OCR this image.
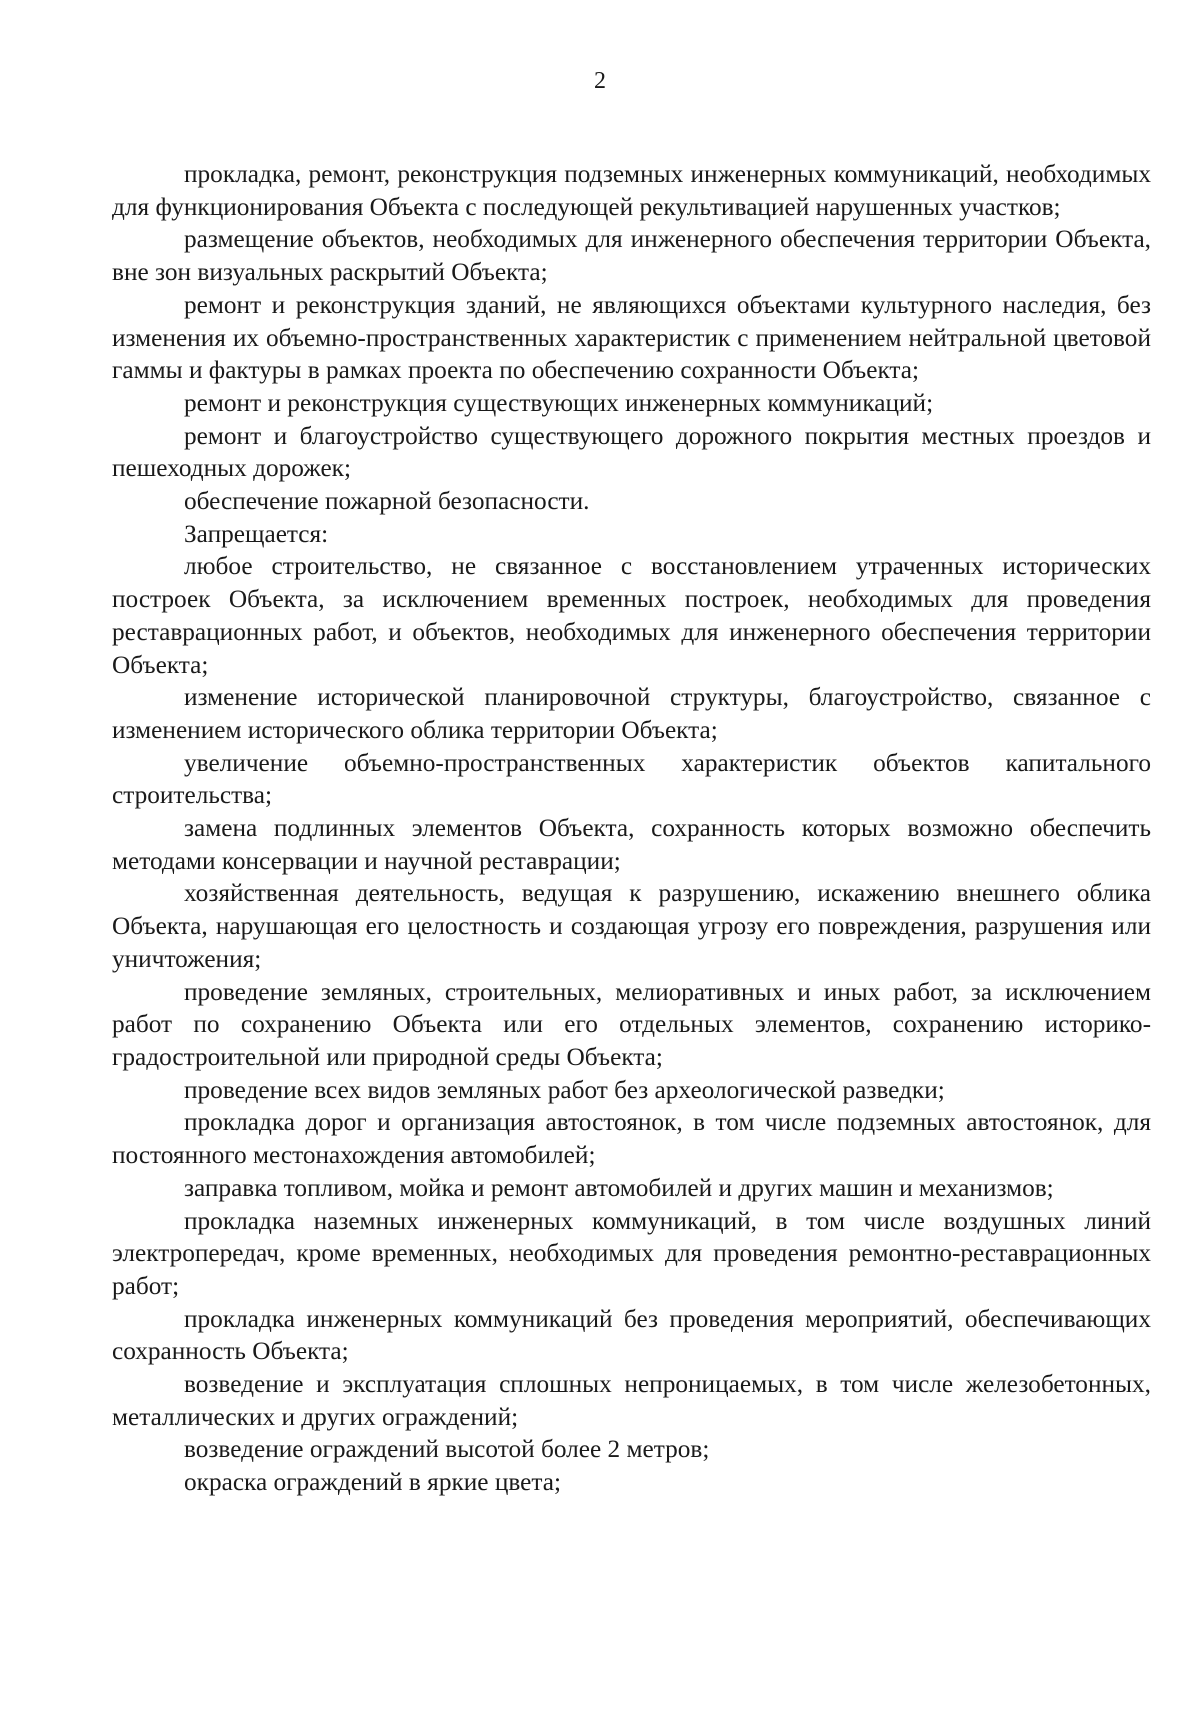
2

прокладка, ремонт, реконструкция подземных инженерных коммуникаций, необходимых для функционирования Объекта с последующей рекультивацией нарушенных участков;

размещение объектов, необходимых для инженерного обеспечения территории Объекта, вне зон визуальных раскрытий Объекта;

ремонт и реконструкция зданий, не являющихся объектами культурного наследия, без изменения их объемно-пространственных характеристик с применением нейтральной цветовой гаммы и фактуры в рамках проекта по обеспечению сохранности Объекта;

ремонт и реконструкция существующих инженерных коммуникаций;

ремонт и благоустройство существующего дорожного покрытия местных проездов и пешеходных дорожек;

обеспечение пожарной безопасности.

Запрещается:

любое строительство, не связанное с восстановлением утраченных исторических построек Объекта, за исключением временных построек, необходимых для проведения реставрационных работ, и объектов, необходимых для инженерного обеспечения территории Объекта;

изменение исторической планировочной структуры, благоустройство, связанное с изменением исторического облика территории Объекта;

увеличение объемно-пространственных характеристик объектов капитального строительства;

замена подлинных элементов Объекта, сохранность которых возможно обеспечить методами консервации и научной реставрации;

хозяйственная деятельность, ведущая к разрушению, искажению внешнего облика Объекта, нарушающая его целостность и создающая угрозу его повреждения, разрушения или уничтожения;

проведение земляных, строительных, мелиоративных и иных работ, за исключением работ по сохранению Объекта или его отдельных элементов, сохранению историко-градостроительной или природной среды Объекта;

проведение всех видов земляных работ без археологической разведки;

прокладка дорог и организация автостоянок, в том числе подземных автостоянок, для постоянного местонахождения автомобилей;

заправка топливом, мойка и ремонт автомобилей и других машин и механизмов;

прокладка наземных инженерных коммуникаций, в том числе воздушных линий электропередач, кроме временных, необходимых для проведения ремонтно-реставрационных работ;

прокладка инженерных коммуникаций без проведения мероприятий, обеспечивающих сохранность Объекта;

возведение и эксплуатация сплошных непроницаемых, в том числе железобетонных, металлических и других ограждений;

возведение ограждений высотой более 2 метров;

окраска ограждений в яркие цвета;
